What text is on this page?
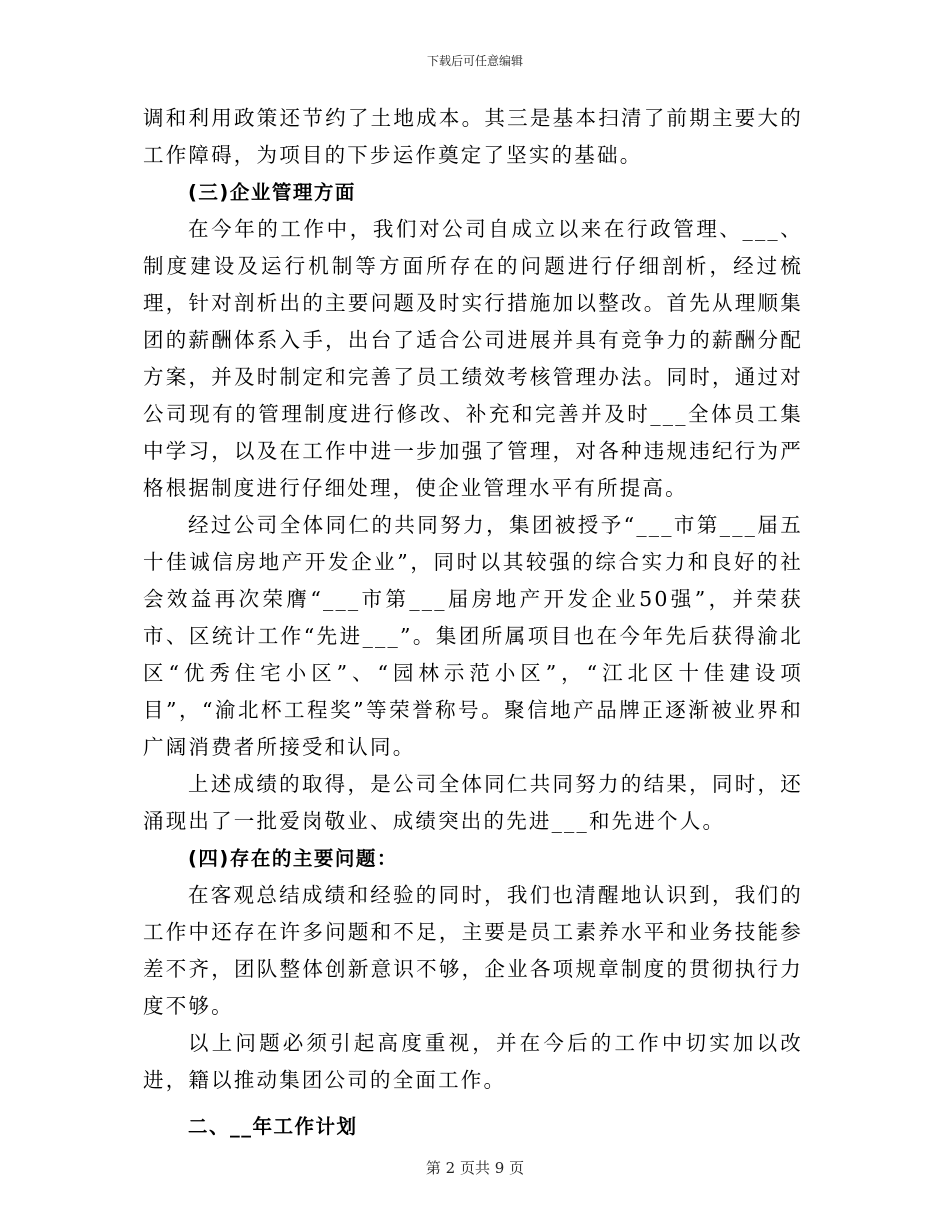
下载后可任意编辑

调和利用政策还节约了土地成本。其三是基本扫清了前期主要大的工作障碍，为项目的下步运作奠定了坚实的基础。

(三)企业管理方面

在今年的工作中，我们对公司自成立以来在行政管理、___、制度建设及运行机制等方面所存在的问题进行仔细剖析，经过梳理，针对剖析出的主要问题及时实行措施加以整改。首先从理顺集团的薪酬体系入手，出台了适合公司进展并具有竞争力的薪酬分配方案，并及时制定和完善了员工绩效考核管理办法。同时，通过对公司现有的管理制度进行修改、补充和完善并及时___全体员工集中学习，以及在工作中进一步加强了管理，对各种违规违纪行为严格根据制度进行仔细处理，使企业管理水平有所提高。

经过公司全体同仁的共同努力，集团被授予“___市第___届五十佳诚信房地产开发企业”，同时以其较强的综合实力和良好的社会效益再次荣膺“___市第___届房地产开发企业50强”，并荣获市、区统计工作“先进___”。集团所属项目也在今年先后获得渝北区“优秀住宅小区”、“园林示范小区”，“江北区十佳建设项目”，“渝北杯工程奖”等荣誉称号。聚信地产品牌正逐渐被业界和广阔消费者所接受和认同。

上述成绩的取得，是公司全体同仁共同努力的结果，同时，还涌现出了一批爱岗敬业、成绩突出的先进___和先进个人。

(四)存在的主要问题：

在客观总结成绩和经验的同时，我们也清醒地认识到，我们的工作中还存在许多问题和不足，主要是员工素养水平和业务技能参差不齐，团队整体创新意识不够，企业各项规章制度的贯彻执行力度不够。

以上问题必须引起高度重视，并在今后的工作中切实加以改进，籍以推动集团公司的全面工作。

二、__年工作计划

第 2 页共 9 页
